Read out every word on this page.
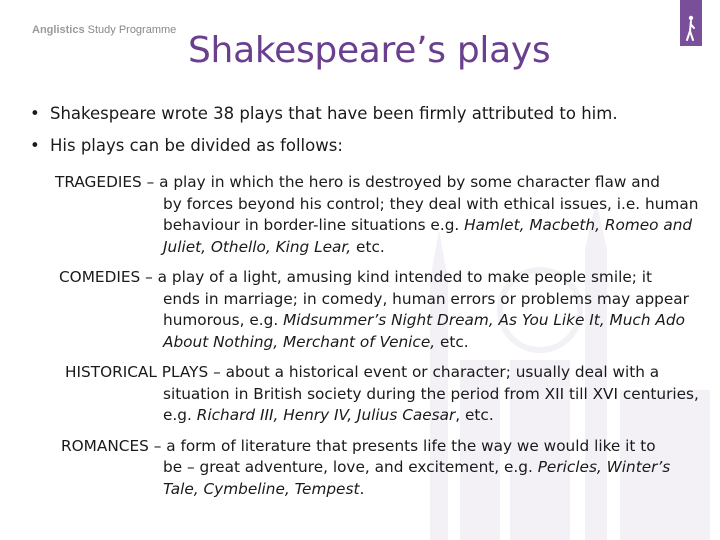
Anglistics Study Programme Shakespeare’s plays
• Shakespeare wrote 38 plays that have been firmly attributed to him.
• His plays can be divided as follows:
TRAGEDIES – a play in which the hero is destroyed by some character flaw and
by forces beyond his control; they deal with ethical issues, i.e. human behaviour in border-line situations e.g. Hamlet, Macbeth, Romeo and Juliet, Othello, King Lear, etc.
COMEDIES – a play of a light, amusing kind intended to make people smile; it
ends in marriage; in comedy, human errors or problems may appear humorous, e.g. Midsummer’s Night Dream, As You Like It, Much Ado About Nothing, Merchant of Venice, etc.
HISTORICAL PLAYS – about a historical event or character; usually deal with a
situation in British society during the period from XII till XVI centuries, e.g. Richard III, Henry IV, Julius Caesar, etc.
ROMANCES – a form of literature that presents life the way we would like it to
be – great adventure, love, and excitement, e.g. Pericles, Winter’s Tale, Cymbeline, Tempest.
